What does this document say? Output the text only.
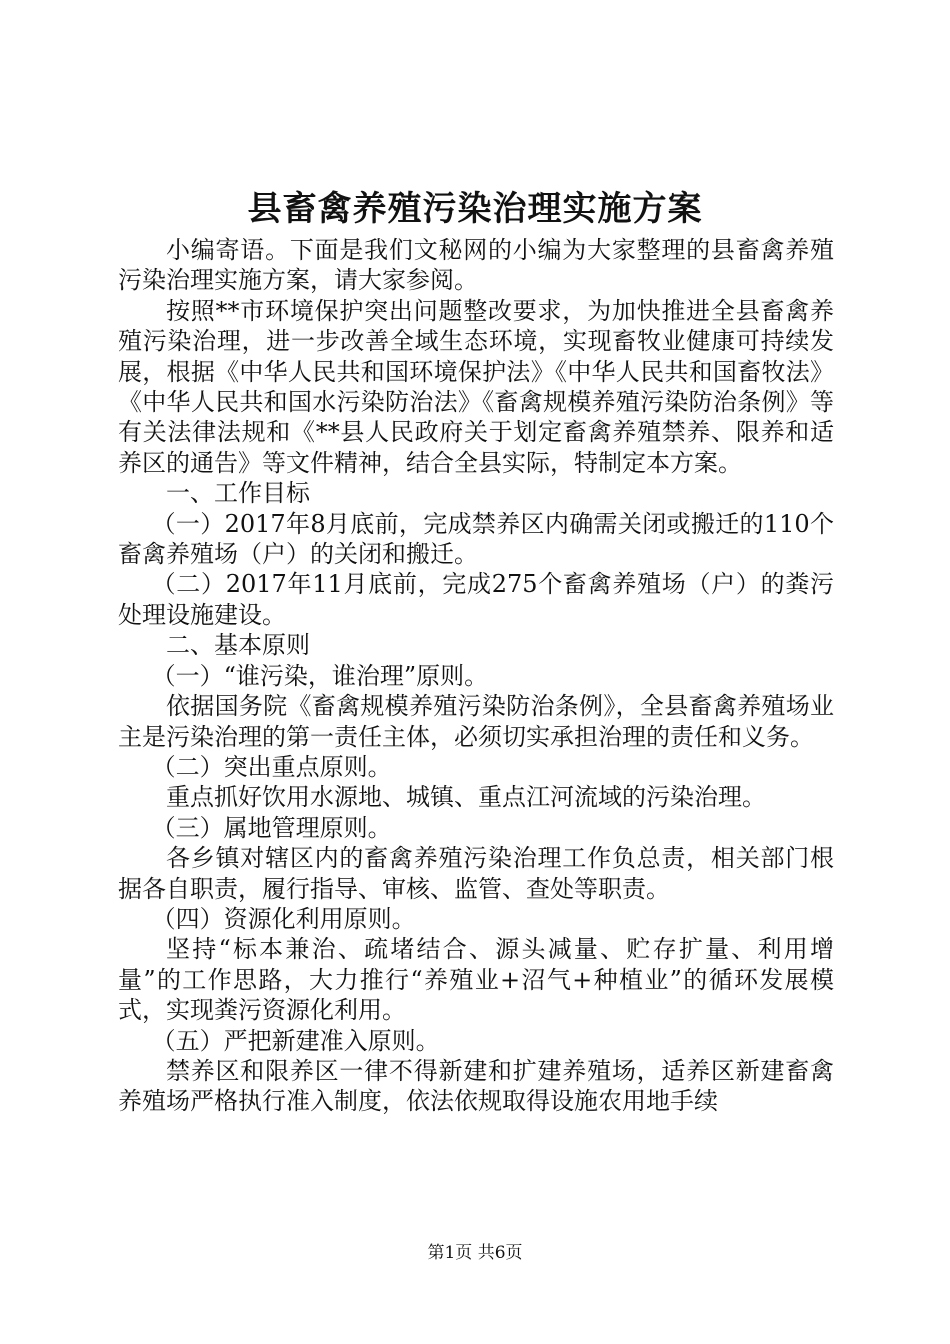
县畜禽养殖污染治理实施方案

小编寄语。下面是我们文秘网的小编为大家整理的县畜禽养殖污染治理实施方案，请大家参阅。

按照**市环境保护突出问题整改要求，为加快推进全县畜禽养殖污染治理，进一步改善全域生态环境，实现畜牧业健康可持续发展，根据《中华人民共和国环境保护法》《中华人民共和国畜牧法》《中华人民共和国水污染防治法》《畜禽规模养殖污染防治条例》等有关法律法规和《**县人民政府关于划定畜禽养殖禁养、限养和适养区的通告》等文件精神，结合全县实际，特制定本方案。

一、工作目标

（一）2017年8月底前，完成禁养区内确需关闭或搬迁的110个畜禽养殖场（户）的关闭和搬迁。

（二）2017年11月底前，完成275个畜禽养殖场（户）的粪污处理设施建设。

二、基本原则

（一）“谁污染，谁治理”原则。

依据国务院《畜禽规模养殖污染防治条例》，全县畜禽养殖场业主是污染治理的第一责任主体，必须切实承担治理的责任和义务。

（二）突出重点原则。

重点抓好饮用水源地、城镇、重点江河流域的污染治理。

（三）属地管理原则。

各乡镇对辖区内的畜禽养殖污染治理工作负总责，相关部门根据各自职责，履行指导、审核、监管、查处等职责。

（四）资源化利用原则。

坚持“标本兼治、疏堵结合、源头减量、贮存扩量、利用增量”的工作思路，大力推行“养殖业+沼气+种植业”的循环发展模式，实现粪污资源化利用。

（五）严把新建准入原则。

禁养区和限养区一律不得新建和扩建养殖场，适养区新建畜禽养殖场严格执行准入制度，依法依规取得设施农用地手续

第1页 共6页
